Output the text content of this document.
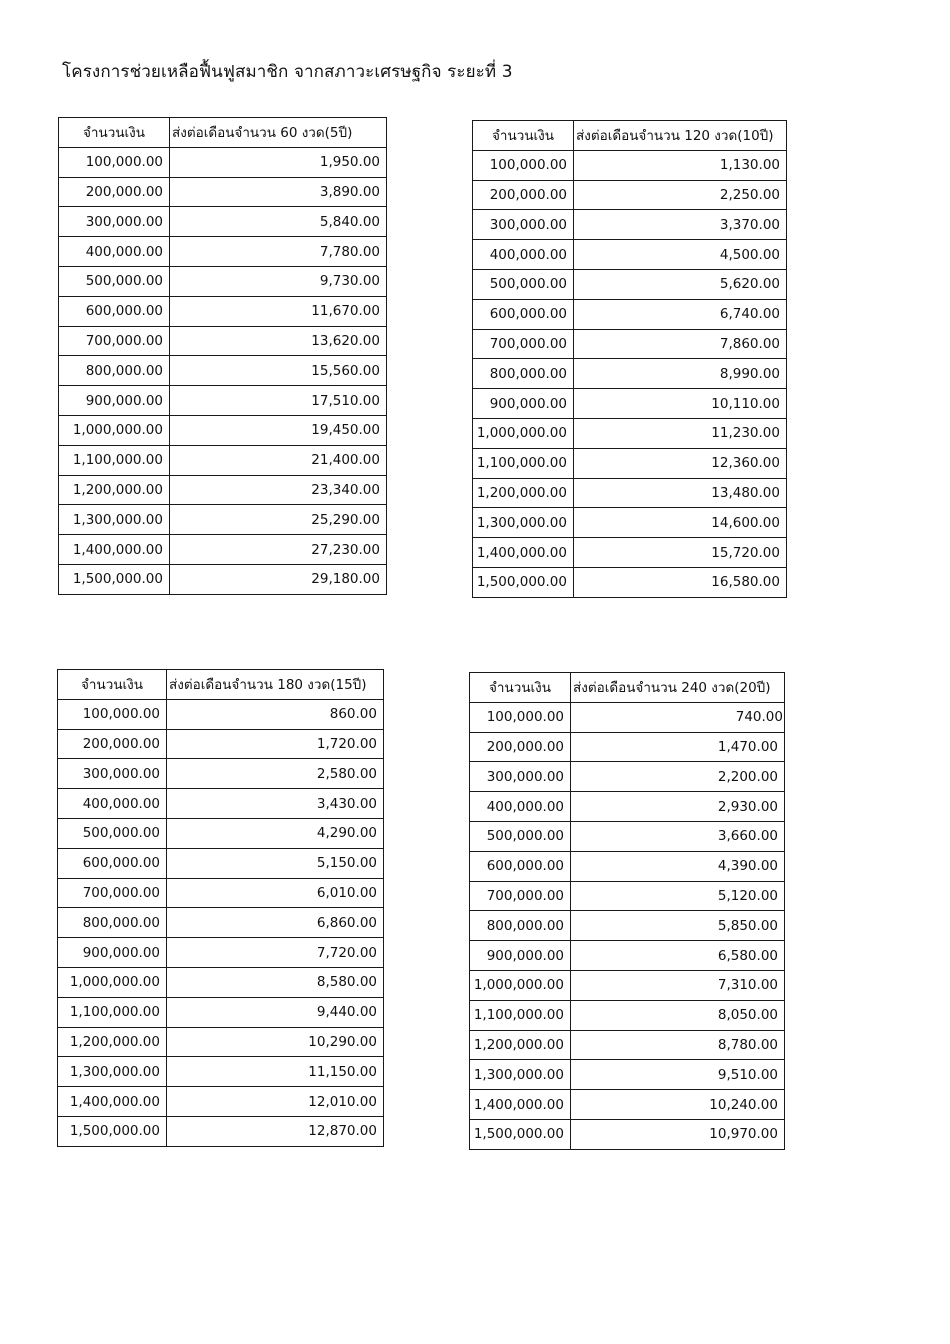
โครงการช่วยเหลือฟื้นฟูสมาชิก จากสภาวะเศรษฐกิจ ระยะที่ 3
จำนวนเงิน	ส่งต่อเดือนจำนวน 60 งวด(5ปี)
100,000.00	1,950.00
200,000.00	3,890.00
300,000.00	5,840.00
400,000.00	7,780.00
500,000.00	9,730.00
600,000.00	11,670.00
700,000.00	13,620.00
800,000.00	15,560.00
900,000.00	17,510.00
1,000,000.00	19,450.00
1,100,000.00	21,400.00
1,200,000.00	23,340.00
1,300,000.00	25,290.00
1,400,000.00	27,230.00
1,500,000.00	29,180.00
จำนวนเงิน	ส่งต่อเดือนจำนวน 120 งวด(10ปี)
100,000.00	1,130.00
200,000.00	2,250.00
300,000.00	3,370.00
400,000.00	4,500.00
500,000.00	5,620.00
600,000.00	6,740.00
700,000.00	7,860.00
800,000.00	8,990.00
900,000.00	10,110.00
1,000,000.00	11,230.00
1,100,000.00	12,360.00
1,200,000.00	13,480.00
1,300,000.00	14,600.00
1,400,000.00	15,720.00
1,500,000.00	16,580.00
จำนวนเงิน	ส่งต่อเดือนจำนวน 180 งวด(15ปี)
100,000.00	860.00
200,000.00	1,720.00
300,000.00	2,580.00
400,000.00	3,430.00
500,000.00	4,290.00
600,000.00	5,150.00
700,000.00	6,010.00
800,000.00	6,860.00
900,000.00	7,720.00
1,000,000.00	8,580.00
1,100,000.00	9,440.00
1,200,000.00	10,290.00
1,300,000.00	11,150.00
1,400,000.00	12,010.00
1,500,000.00	12,870.00
จำนวนเงิน	ส่งต่อเดือนจำนวน 240 งวด(20ปี)
100,000.00	740.00
200,000.00	1,470.00
300,000.00	2,200.00
400,000.00	2,930.00
500,000.00	3,660.00
600,000.00	4,390.00
700,000.00	5,120.00
800,000.00	5,850.00
900,000.00	6,580.00
1,000,000.00	7,310.00
1,100,000.00	8,050.00
1,200,000.00	8,780.00
1,300,000.00	9,510.00
1,400,000.00	10,240.00
1,500,000.00	10,970.00
